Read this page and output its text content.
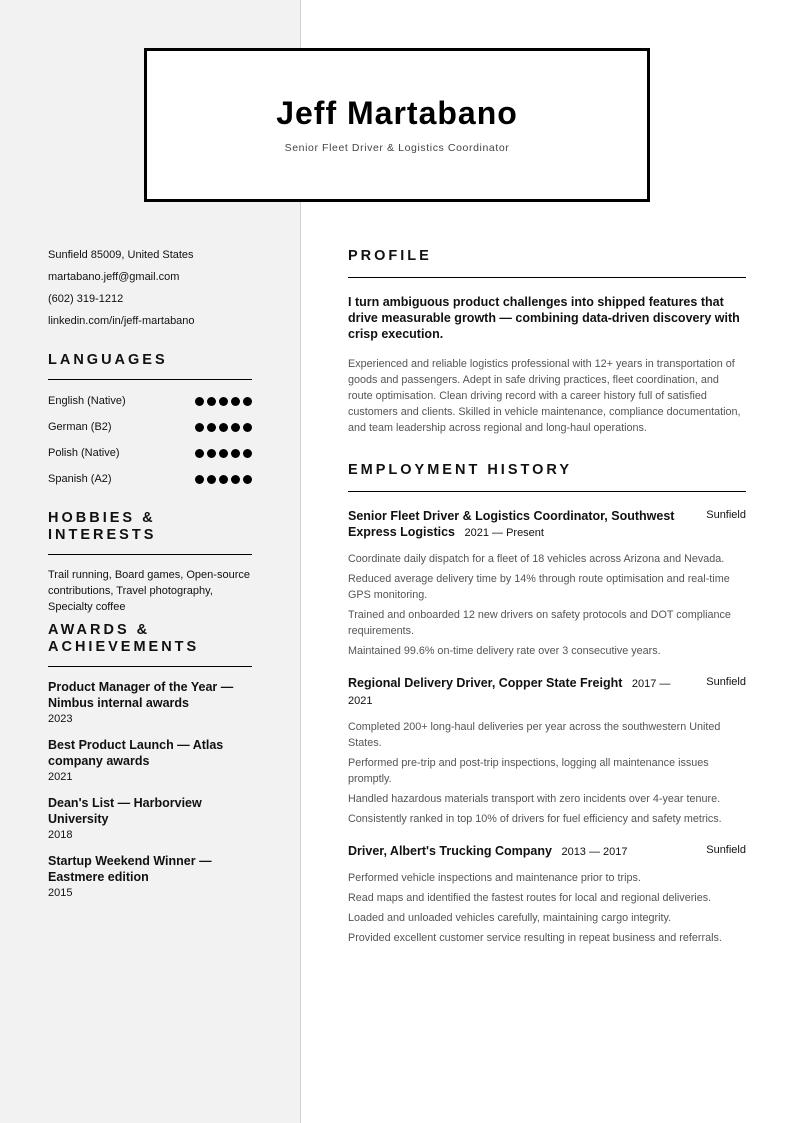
Jeff Martabano
Senior Fleet Driver & Logistics Coordinator
Sunfield 85009, United States
martabano.jeff@gmail.com
(602) 319-1212
linkedin.com/in/jeff-martabano
LANGUAGES
English (Native)
German (B2)
Polish (Native)
Spanish (A2)
HOBBIES & INTERESTS
Trail running, Board games, Open-source contributions, Travel photography, Specialty coffee
AWARDS & ACHIEVEMENTS
Product Manager of the Year — Nimbus internal awards
2023
Best Product Launch — Atlas company awards
2021
Dean's List — Harborview University
2018
Startup Weekend Winner — Eastmere edition
2015
PROFILE
I turn ambiguous product challenges into shipped features that drive measurable growth — combining data-driven discovery with crisp execution.
Experienced and reliable logistics professional with 12+ years in transportation of goods and passengers. Adept in safe driving practices, fleet coordination, and route optimisation. Clean driving record with a career history full of satisfied customers and clients. Skilled in vehicle maintenance, compliance documentation, and team leadership across regional and long-haul operations.
EMPLOYMENT HISTORY
Senior Fleet Driver & Logistics Coordinator, Southwest Express Logistics 2021 — Present
Sunfield
Coordinate daily dispatch for a fleet of 18 vehicles across Arizona and Nevada.
Reduced average delivery time by 14% through route optimisation and real-time GPS monitoring.
Trained and onboarded 12 new drivers on safety protocols and DOT compliance requirements.
Maintained 99.6% on-time delivery rate over 3 consecutive years.
Regional Delivery Driver, Copper State Freight 2017 — 2021
Sunfield
Completed 200+ long-haul deliveries per year across the southwestern United States.
Performed pre-trip and post-trip inspections, logging all maintenance issues promptly.
Handled hazardous materials transport with zero incidents over 4-year tenure.
Consistently ranked in top 10% of drivers for fuel efficiency and safety metrics.
Driver, Albert's Trucking Company 2013 — 2017	Sunfield
Performed vehicle inspections and maintenance prior to trips.
Read maps and identified the fastest routes for local and regional deliveries.
Loaded and unloaded vehicles carefully, maintaining cargo integrity.
Provided excellent customer service resulting in repeat business and referrals.
